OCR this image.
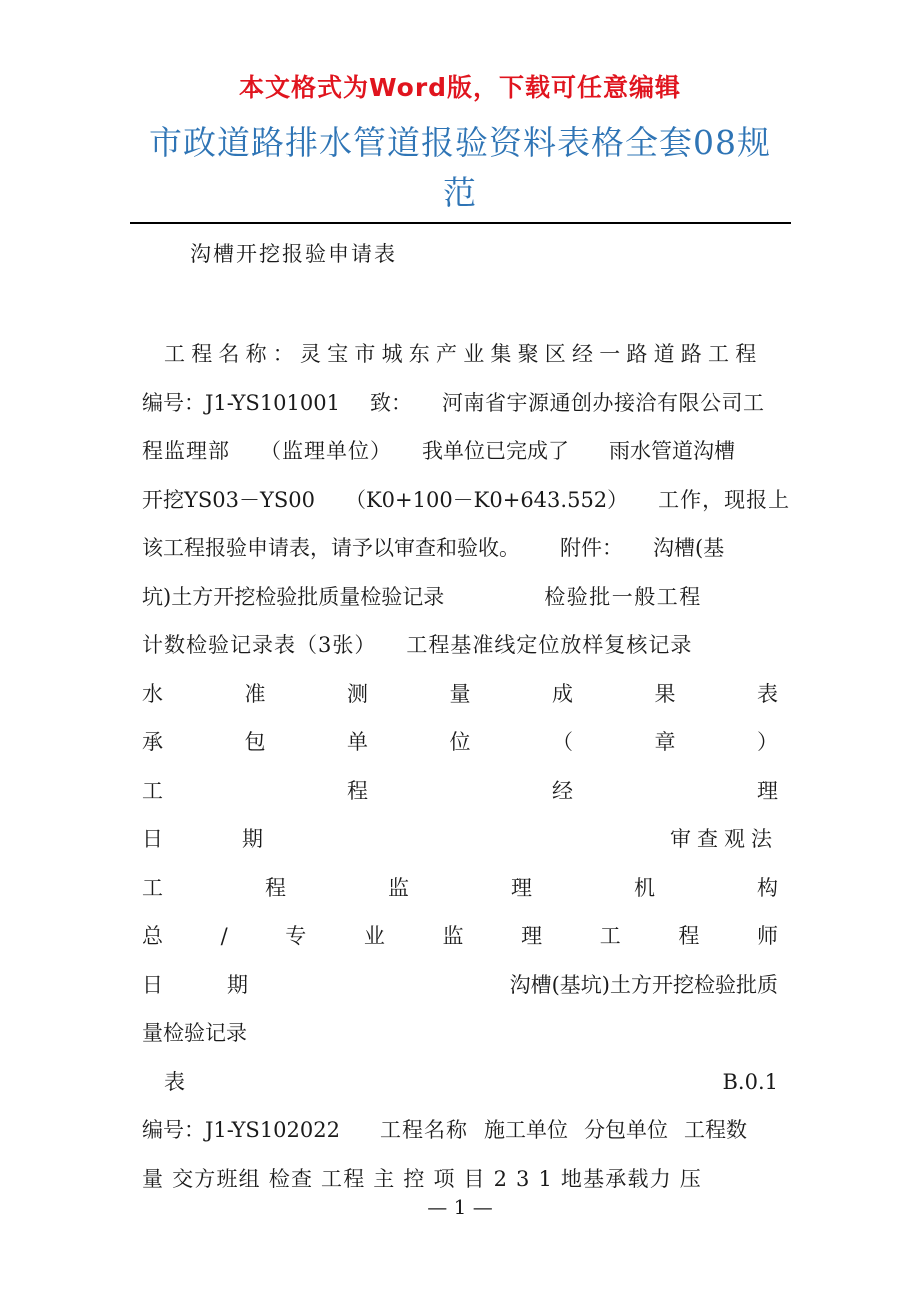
本文格式为Word版，下载可任意编辑
市政道路排水管道报验资料表格全套08规
范
沟槽开挖报验申请表
工程名称：灵宝市城东产业集聚区经一路道路工程
编号：J1-YS101001 致： 河南省宇源通创办接洽有限公司工
程监理部 （监理单位） 我单位已完成了 雨水管道沟槽
开挖YS03－YS00 （K0+100－K0+643.552） 工作，现报上
该工程报验申请表，请予以审查和验收。 附件： 沟槽(基
坑)土方开挖检验批质量检验记录	检验批一般工程
计数检验记录表（3张） 工程基准线定位放样复核记录
水	准	测	量	成	果	表
承	包	单	位	（	章	）
工	程	经	理
日	期	审查观法
工	程	监	理	机	构
总	/	专	业	监	理	工	程	师
日	期	沟槽(基坑)土方开挖检验批质
量检验记录
表	B.0.1
编号：J1-YS102022 工程名称 施工单位 分包单位 工程数
量 交方班组 检查 工程 主 控 项 目 2 3 1 地基承载力 压
— 1 —
